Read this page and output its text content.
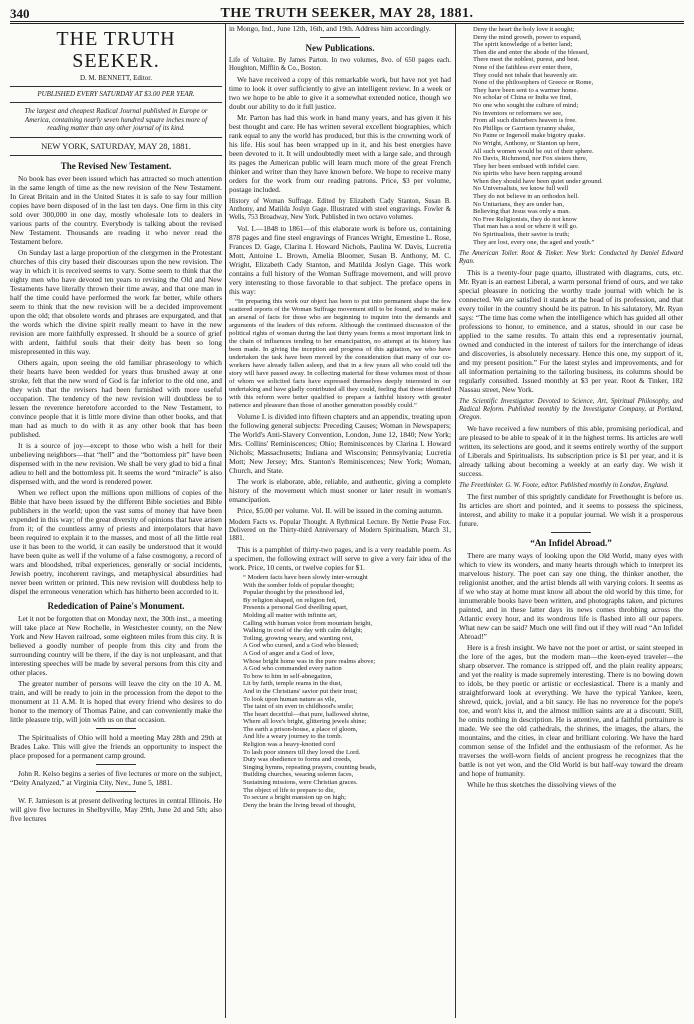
340	THE TRUTH SEEKER, MAY 28, 1881.
THE TRUTH SEEKER.
D. M. BENNETT, Editor.
PUBLISHED EVERY SATURDAY AT $3.00 PER YEAR.
The largest and cheapest Radical Journal published in Europe or America, containing nearly seven hundred square inches more of reading matter than any other journal of its kind.
NEW YORK, SATURDAY, MAY 28, 1881.
The Revised New Testament.

No book has ever been issued which has attracted so much attention in the same length of time as the new revision of the New Testament. In Great Britain and in the United States it is safe to say four million copies have been disposed of in the last ten days. One firm in this city sold over 300,000 in one day, mostly wholesale lots to dealers in various parts of the country. Everybody is talking about the revised New Testament. Thousands are reading it who never read the Testament before.

On Sunday last a large proportion of the clergymen in the Protestant churches of this city based their discourses upon the new revision. The way in which it is received seems to vary. Some seem to think that the eighty men who have devoted ten years to revising the Old and New Testaments have literally thrown their time away, and that one man in half the time could have performed the work far better, while others seem to think that the new revision will be a decided improvement upon the old; that obsolete words and phrases are expurgated, and that the words which the divine spirit really meant to have in the new revision are more faithfully expressed. It should be a source of grief with ardent, faithful souls that their deity has been so long misrepresented in this way.

Others again, upon seeing the old familiar phraseology to which their hearts have been wedded for years thus brushed away at one stroke, felt that the new word of God is far inferior to the old one, and they wish that the revisers had been furnished with more useful occupation. The tendency of the new revision will doubtless be to lessen the reverence heretofore accorded to the New Testament, to convince people that it is little more divine than other books, and that man had as much to do with it as any other book that has been published.

It is a source of joy—except to those who wish a hell for their unbelieving neighbors—that “hell” and the “bottomless pit” have been dispensed with in the new revision. We shall be very glad to bid a final adieu to hell and the bottomless pit. It seems the word “miracle” is also dispensed with, and the word is rendered power.

When we reflect upon the millions upon millions of copies of the Bible that have been issued by the different Bible societies and Bible publishers in the world; upon the vast sums of money that have been expended in this way; of the great diversity of opinions that have arisen from it; of the countless army of priests and interpolators that have been required to explain it to the masses, and most of all the little real use it has been to the world, it can easily be understood that it would have been quite as well if the volume of a false cosmogony, a record of wars and bloodshed, tribal experiences, generally or social incidents, Jewish poetry, incoherent ravings, and metaphysical absurdities had never been written or printed. This new revision will doubtless help to dispel the erroneous veneration which has hitherto been accorded to it.

Rededication of Paine's Monument.

Let it not be forgotten that on Monday next, the 30th inst., a meeting will take place at New Rochelle, in Westchester county, on the New York and New Haven railroad, some eighteen miles from this city. It is believed a goodly number of people from this city and from the surrounding country will be there, if the day is not unpleasant, and that interesting speeches will be made by several persons from this city and other places.

The greater number of persons will leave the city on the 10 A. M. train, and will be ready to join in the procession from the depot to the monument at 11 A.M. It is hoped that every friend who desires to do honor to the memory of Thomas Paine, and can conveniently make the little pleasure trip, will join with us on that occasion.

The Spiritualists of Ohio will hold a meeting May 28th and 29th at Brades Lake. This will give the friends an opportunity to inspect the place proposed for a permanent camp ground.

John R. Kelso begins a series of five lectures or more on the subject, “Deity Analyzed,” at Virginia City, Nev., June 5, 1881.

W. F. Jamieson is at present delivering lectures in central Illinois. He will give five lectures in Shelbyville, May 29th, June 2d and 5th; also five lectures

in Mongo, Ind., June 12th, 16th, and 19th. Address him accordingly.

New Publications.
Life of Voltaire. By James Parton. In two volumes, 8vo. of 650 pages each. Houghton, Mifflin & Co., Boston.

We have received a copy of this remarkable work, but have not yet had time to look it over sufficiently to give an intelligent review. In a week or two we hope to be able to give it a somewhat extended notice, though we doubt our ability to do it full justice.

Mr. Parton has had this work in hand many years, and has given it his best thought and care. He has written several excellent biographies, which rank equal to any the world has produced, but this is the crowning work of his life. His soul has been wrapped up in it, and his best energies have been devoted to it. It will undoubtedly meet with a large sale, and through its pages the American public will learn much more of the great French thinker and writer than they have known before. We hope to receive many orders for the work from our reading patrons. Price, $3 per volume, postage included.

History of Woman Suffrage. Edited by Elizabeth Cady Stanton, Susan B. Anthony, and Matilda Joslyn Gage. Illustrated with steel engravings. Fowler & Wells, 753 Broadway, New York. Published in two octavo volumes.

Vol. I.—1848 to 1861—of this elaborate work is before us, containing 878 pages and fine steel engravings of Frances Wright, Ernestine L. Rose, Frances D. Gage, Clarina I. Howard Nichols, Paulina W. Davis, Lucretia Mott, Antoine L. Brown, Amelia Bloomer, Susan B. Anthony, M. C. Wright, Elizabeth Cady Stanton, and Matilda Joslyn Gage. This work contains a full history of the Woman Suffrage movement, and will prove very interesting to those favorable to that subject. The preface opens in this way:

“In preparing this work our object has been to put into permanent shape the few scattered reports of the Woman Suffrage movement still to be found, and to make it an arsenal of facts for those who are beginning to inquire into the demands and arguments of the leaders of this reform. Although the continued discussion of the political rights of woman during the last thirty years forms a most important link in the chain of influences tending to her emancipation, no attempt at its history has been made. In giving the inception and progress of this agitation, we who have undertaken the task have been moved by the consideration that many of our co-workers have already fallen asleep, and that in a few years all who could tell the story will have passed away. In collecting material for these volumes most of those of whom we solicited facts have expressed themselves deeply interested in our undertaking and have gladly contributed all they could, feeling that those identified with this reform were better qualified to prepare a faithful history with greater patience and pleasure than those of another generation possibly could.”

Volume I. is divided into fifteen chapters and an appendix, treating upon the following general subjects: Preceding Causes; Woman in Newspapers; The World's Anti-Slavery Convention, London, June 12, 1840; New York; Mrs. Collins' Reminiscences; Ohio; Reminiscences by Clarina I. Howard Nichols; Massachusetts; Indiana and Wisconsin; Pennsylvania; Lucretia Mott; New Jersey; Mrs. Stanton's Reminiscences; New York; Woman, Church, and State.

The work is elaborate, able, reliable, and authentic, giving a complete history of the movement which must sooner or later result in woman's emancipation.

Price, $5.00 per volume. Vol. II. will be issued in the coming autumn.

Modern Facts vs. Popular Thought. A Rythmical Lecture. By Nettie Pease Fox. Delivered on the Thirty-third Anniversary of Modern Spiritualism, March 31, 1881.

This is a pamphlet of thirty-two pages, and is a very readable poem. As a specimen, the following extract will serve to give a very fair idea of the work. Price, 10 cents, or twelve copies for $1.

“ Modern facts have been slowly inter-wrought
With the somber folds of popular thought;
Popular thought by the priesthood led,
By religion shaped, on religion fed,
Presents a personal God dwelling apart,
Molding all matter with infinite art,
Calling with human voice from mountain height,
Walking in cool of the day with calm delight;
Toiling, growing weary, and wanting rest,
A God who cursed, and a God who blessed;
A God of anger and a God of love,
Whose bright home was in the pure realms above;
A God who commanded every nation
To bow to him in self-abnegation,
Lit by faith, temple reams in the dust,
And in the Christians' savior put their trust;
To look upon human nature as vile,
The taint of sin even in childhood's smile;
The heart deceitful—that pure, hallowed shrine,
Where all love's bright, glittering jewels shine;
The earth a prison-house, a place of gloom,
And life a weary journey to the tomb.
Religion was a heavy-knotted cord
To lash poor sinners till they loved the Lord.
Duty was obedience to forms and creeds,
Singing hymns, repeating prayers, counting beads,
Building churches, wearing solemn faces,
Sustaining missions, were Christian graces.
The object of life to prepare to die,
To secure a bright mansion up on high;
Deny the brain the living bread of thought,
Deny the heart the holy love it sought;
Deny the mind growth, power to expand,
The spirit knowledge of a better land;
Then die and enter the abode of the blessed,
There meet the noblest, purest, and best.
None of the faithless ever enter there,
They could not inhale that heavenly air.
None of the philosophers of Greece or Rome,
They have been sent to a warmer home.
No scholar of China or India we find,
No one who sought the culture of mind;
No inventors or reformers we see,
From all such disturbers heaven is free.
No Phillips or Garrison tyranny shake,
No Paine or Ingersoll make bigotry quake.
No Wright, Anthony, or Stanton up here,
All such women would be out of their sphere.
No Davis, Richmond, nor Fox sisters there,
They her been embued with infidel care.
No spirits who have been rapping around
When they should have been quiet under ground.
No Universalists, we know full well
They do not believe in an orthodox hell.
No Unitarians, they are under ban,
Believing that Jesus was only a man.
No Free Religionists, they do not know
That man has a soul or where it will go.
No Spiritualists, their savior is truth;
They are lost, every one, the aged and youth.”
The American Toiler. Root & Tinker. New York: Conducted by Daniel Edward Ryan.

This is a twenty-four page quarto, illustrated with diagrams, cuts, etc. Mr. Ryan is an earnest Liberal, a warm personal friend of ours, and we take special pleasure in noticing the worthy trade journal with which he is connected. We are satisfied it stands at the head of its profession, and that every toiler in the country should be its patron. In his salutatory, Mr. Ryan says: “The time has come when the intelligence which has guided all other professions to honor, to eminence, and a status, should in our case be applied to the same results. To attain this end a representativ journal, owned and conducted in the interest of tailors for the interchange of ideas and discoveries, is absolutely necessary. Hence this one, my support of it, and my present position.” For the latest styles and improvements, and for all information pertaining to the tailoring business, its columns should be regularly consulted. Issued monthly at $3 per year. Root & Tinker, 182 Nassau street, New York.

The Scientific Investigator. Devoted to Science, Art, Spiritual Philosophy, and Radical Reform. Published monthly by the Investigator Company, at Portland, Oregon.

We have received a few numbers of this able, promising periodical, and are pleased to be able to speak of it in the highest terms. Its articles are well written, its selections are good, and it seems entirely worthy of the support of Liberals and Spiritualists. Its subscription price is $1 per year, and it is already talking about becoming a weekly at an early day. We wish it success.

The Freethinker. G. W. Foote, editor. Published monthly in London, England.

The first number of this sprightly candidate for Freethought is before us. Its articles are short and pointed, and it seems to possess the spiciness, interest, and ability to make it a popular journal. We wish it a prosperous future.

“An Infidel Abroad.”

There are many ways of looking upon the Old World, many eyes with which to view its wonders, and many hearts through which to interpret its marvelous history. The poet can say one thing, the thinker another, the religionist another, and the artist blends all with varying colors. It seems as if we who stay at home must know all about the old world by this time, for innumerable books have been written, and photographs taken, and pictures painted, and in these latter days its news comes throbbing across the Atlantic every hour, and its wondrous life is flashed into all our papers. What new can be said? Much one will find out if they will read “An Infidel Abroad!”

Here is a fresh insight. We have not the poet or artist, or saint steeped in the lore of the ages, but the modern man—the keen-eyed traveler—the sharp observer. The romance is stripped off, and the plain reality appears; and yet the reality is made supremely interesting. There is no bowing down to idols, be they poetic or artistic or ecclesiastical. There is a manly and straightforward look at everything. We have the typical Yankee, keen, shrewd, quick, jovial, and a bit saucy. He has no reverence for the pope's toe, and won't kiss it, and the almost million saints are at a discount. Still, he omits nothing in description. He is attentive, and a faithful portraiture is made. We see the old cathedrals, the shrines, the images, the altars, the mountains, and the cities, in clear and brilliant coloring. We have the hard common sense of the Infidel and the enthusiasm of the reformer. As he traverses the well-worn fields of ancient progress he recognizes that the battle is not yet won, and the Old World is but half-way toward the dream and hope of humanity.

While he thus sketches the dissolving views of the
